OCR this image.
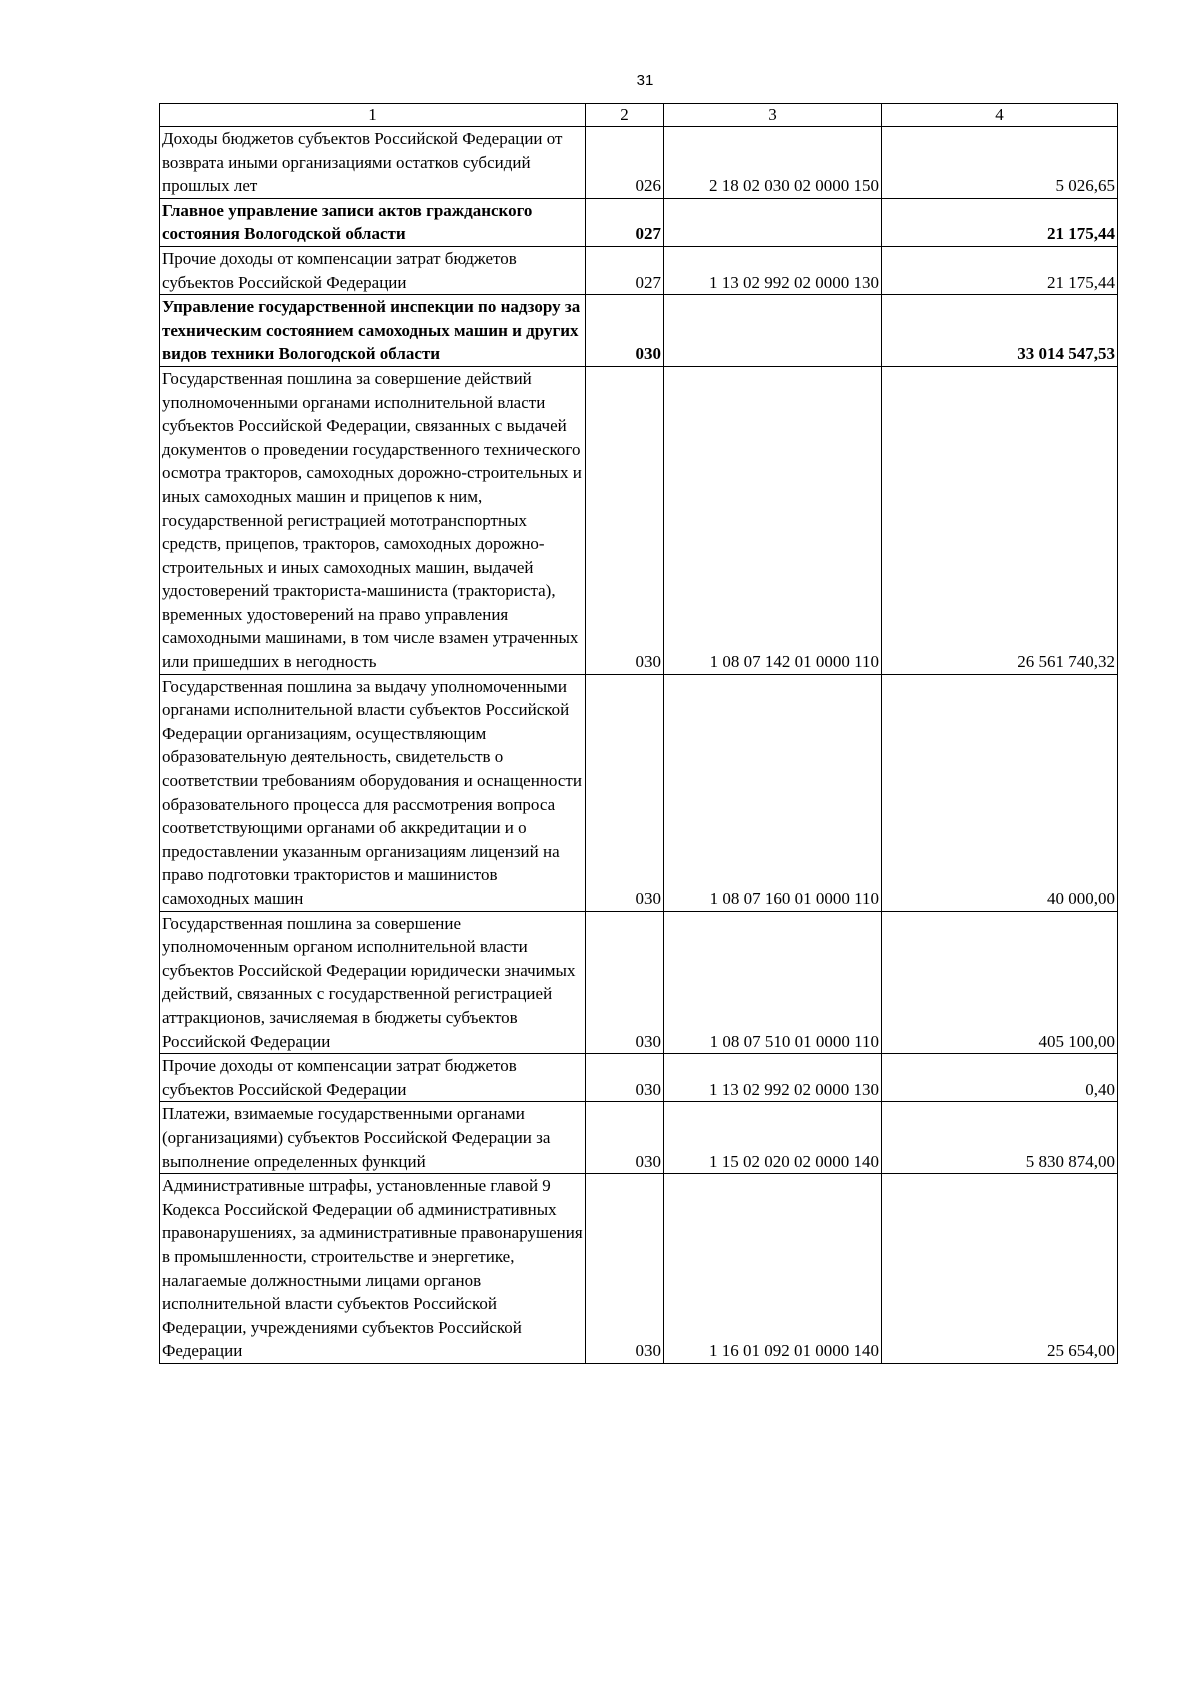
31
1	2	3	4
Доходы бюджетов субъектов Российской Федерации от возврата иными организациями остатков субсидий прошлых лет	026	2 18 02 030 02 0000 150	5 026,65
Главное управление записи актов гражданского состояния Вологодской области	027		21 175,44
Прочие доходы от компенсации затрат бюджетов субъектов Российской Федерации	027	1 13 02 992 02 0000 130	21 175,44
Управление государственной инспекции по надзору за техническим состоянием самоходных машин и других видов техники Вологодской области	030		33 014 547,53
Государственная пошлина за совершение действий уполномоченными органами исполнительной власти субъектов Российской Федерации, связанных с выдачей документов о проведении государственного технического осмотра тракторов, самоходных дорожно-строительных и иных самоходных машин и прицепов к ним, государственной регистрацией мототранспортных средств, прицепов, тракторов, самоходных дорожно-строительных и иных самоходных машин, выдачей удостоверений тракториста-машиниста (тракториста), временных удостоверений на право управления самоходными машинами, в том числе взамен утраченных или пришедших в негодность	030	1 08 07 142 01 0000 110	26 561 740,32
Государственная пошлина за выдачу уполномоченными органами исполнительной власти субъектов Российской Федерации организациям, осуществляющим образовательную деятельность, свидетельств о соответствии требованиям оборудования и оснащенности образовательного процесса для рассмотрения вопроса соответствующими органами об аккредитации и о предоставлении указанным организациям лицензий на право подготовки трактористов и машинистов самоходных машин	030	1 08 07 160 01 0000 110	40 000,00
Государственная пошлина за совершение уполномоченным органом исполнительной власти субъектов Российской Федерации юридически значимых действий, связанных с государственной регистрацией аттракционов, зачисляемая в бюджеты субъектов Российской Федерации	030	1 08 07 510 01 0000 110	405 100,00
Прочие доходы от компенсации затрат бюджетов субъектов Российской Федерации	030	1 13 02 992 02 0000 130	0,40
Платежи, взимаемые государственными органами (организациями) субъектов Российской Федерации за выполнение определенных функций	030	1 15 02 020 02 0000 140	5 830 874,00
Административные штрафы, установленные главой 9 Кодекса Российской Федерации об административных правонарушениях, за административные правонарушения в промышленности, строительстве и энергетике, налагаемые должностными лицами органов исполнительной власти субъектов Российской Федерации, учреждениями субъектов Российской Федерации	030	1 16 01 092 01 0000 140	25 654,00
